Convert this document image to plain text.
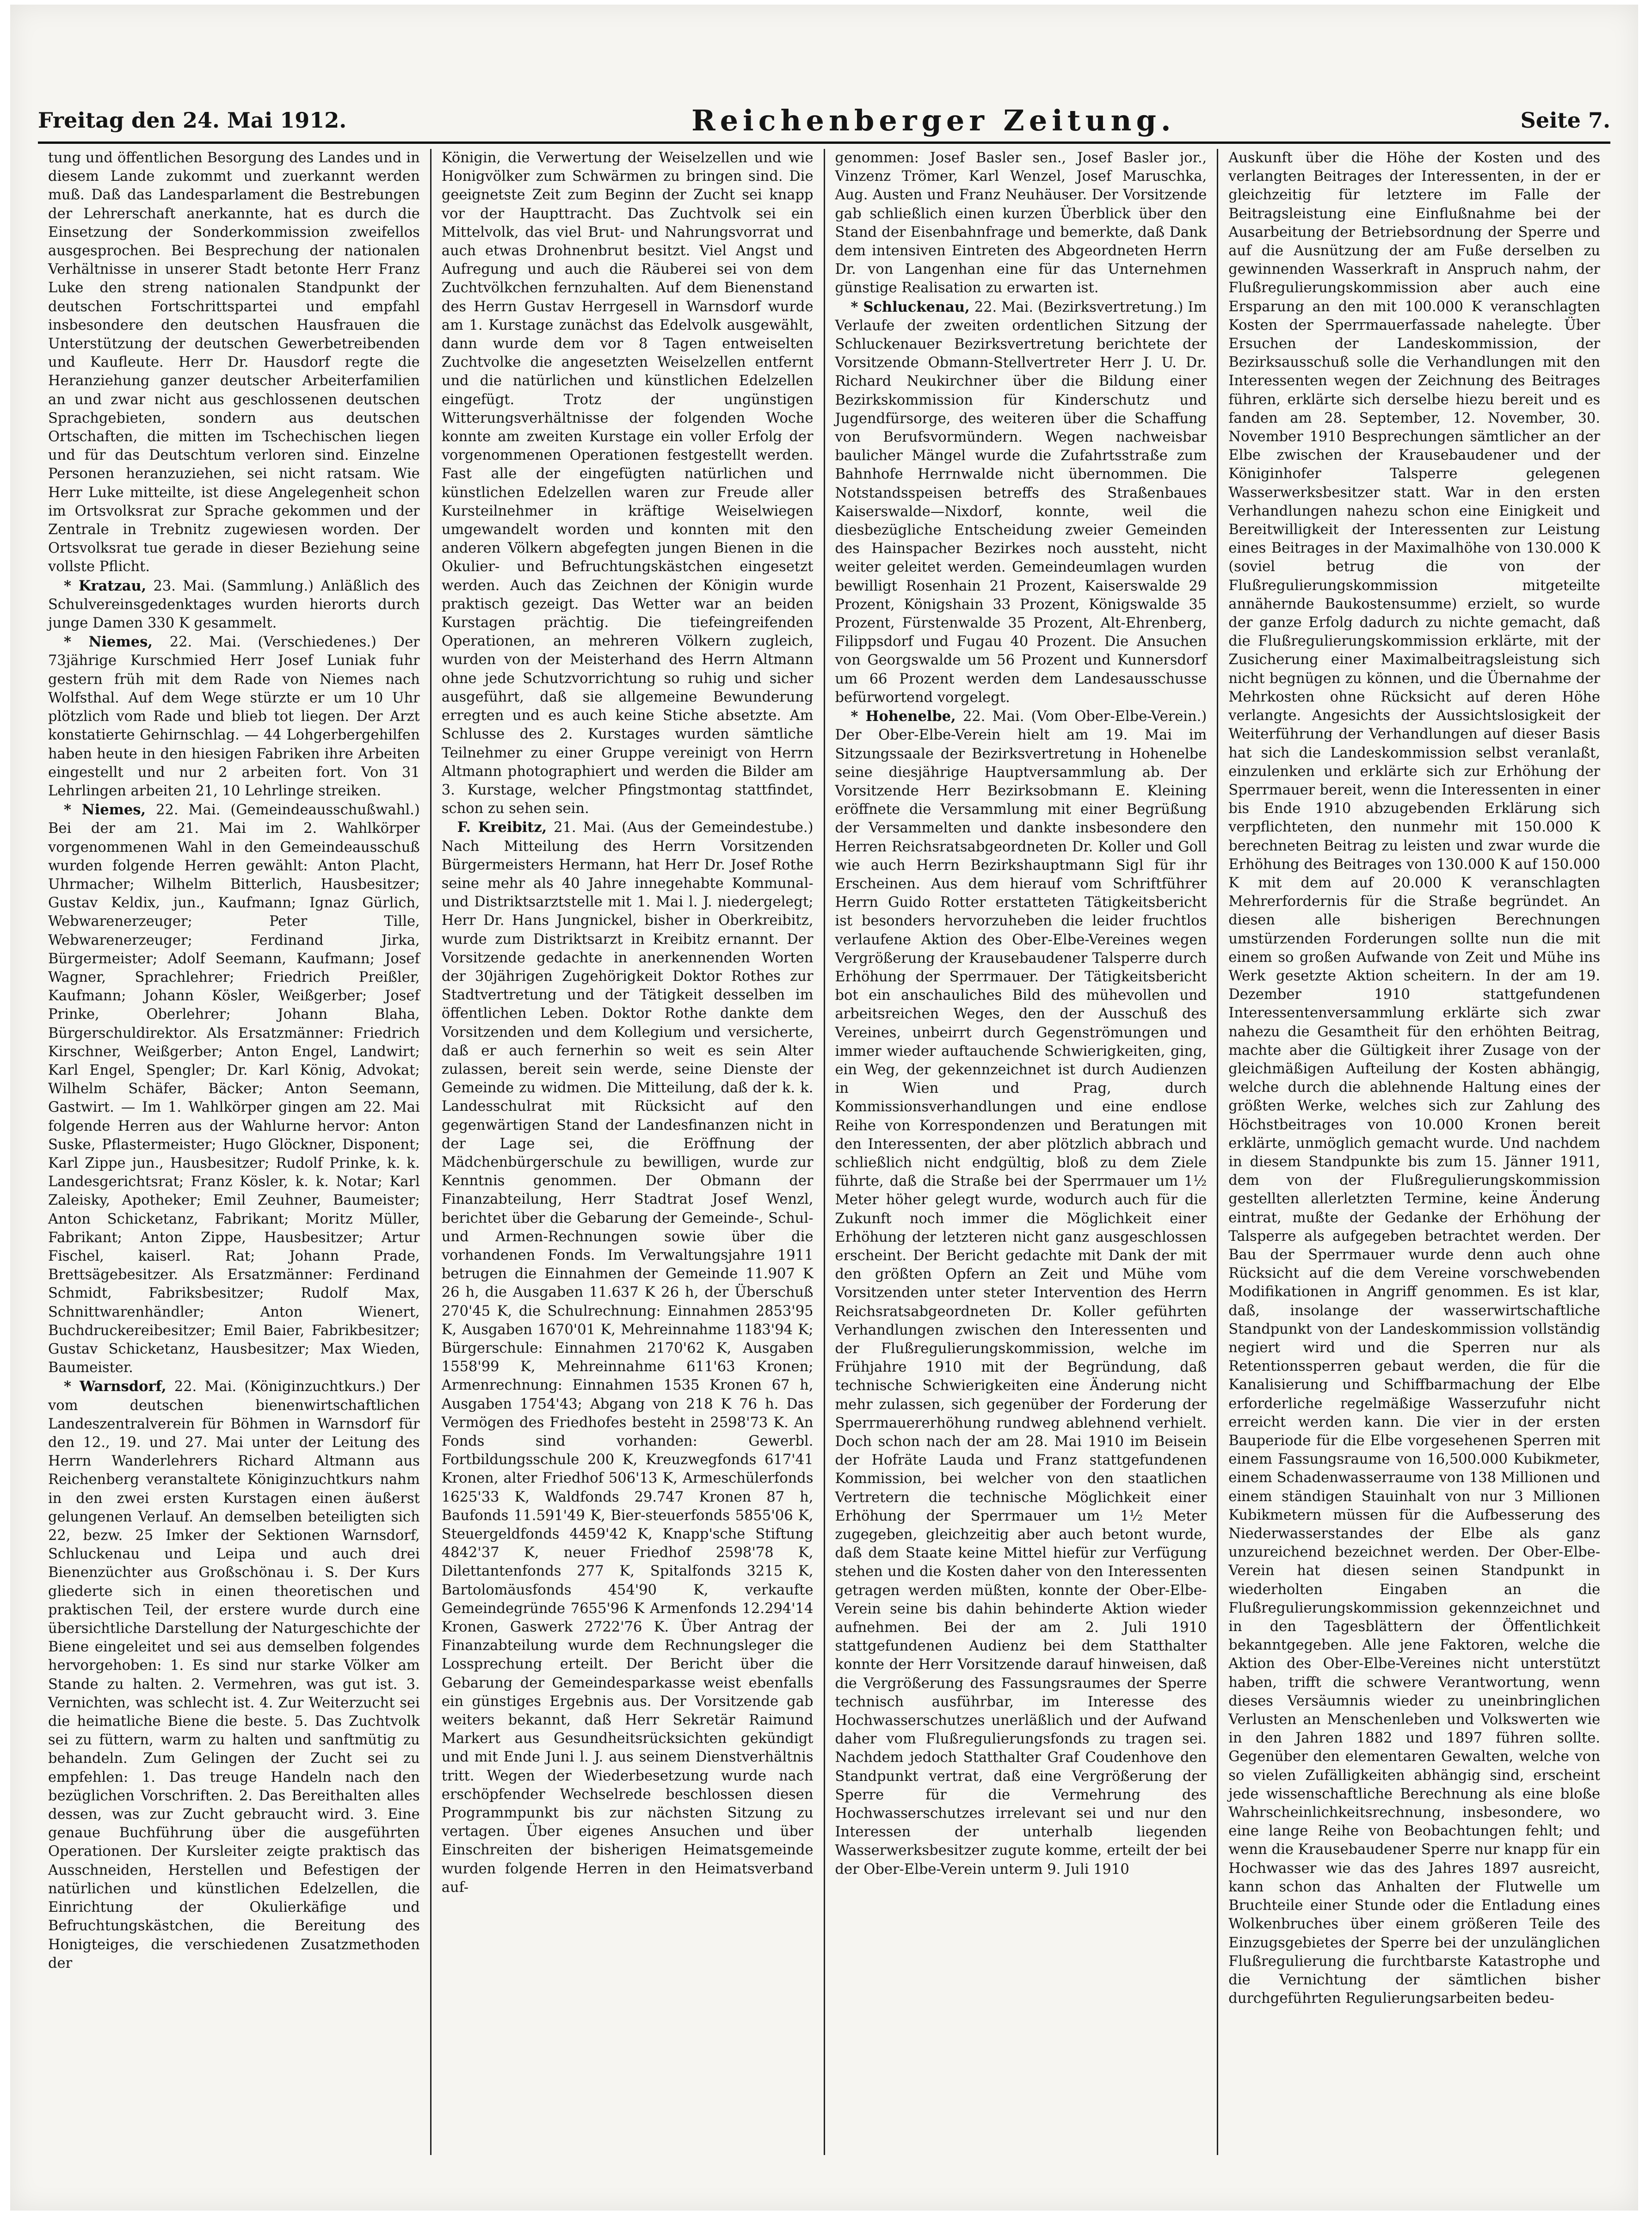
Freitag den 24. Mai 1912.	Reichenberger Zeitung.	Seite 7.

tung und öffentlichen Besorgung des Landes und in diesem Lande zukommt und zuerkannt werden muß. Daß das Landesparlament die Bestrebungen der Lehrerschaft anerkannte, hat es durch die Einsetzung der Sonderkommission zweifellos ausgesprochen. Bei Besprechung der nationalen Verhältnisse in unserer Stadt betonte Herr Franz Luke den streng nationalen Standpunkt der deutschen Fortschrittspartei und empfahl insbesondere den deutschen Hausfrauen die Unterstützung der deutschen Gewerbetreibenden und Kaufleute. Herr Dr. Hausdorf regte die Heranziehung ganzer deutscher Arbeiterfamilien an und zwar nicht aus geschlossenen deutschen Sprachgebieten, sondern aus deutschen Ortschaften, die mitten im Tschechischen liegen und für das Deutschtum verloren sind. Einzelne Personen heranzuziehen, sei nicht ratsam. Wie Herr Luke mitteilte, ist diese Angelegenheit schon im Ortsvolksrat zur Sprache gekommen und der Zentrale in Trebnitz zugewiesen worden. Der Ortsvolksrat tue gerade in dieser Beziehung seine vollste Pflicht.

* Kratzau, 23. Mai. (Sammlung.) Anläßlich des Schulvereinsgedenktages wurden hierorts durch junge Damen 330 K gesammelt.

* Niemes, 22. Mai. (Verschiedenes.) Der 73jährige Kurschmied Herr Josef Luniak fuhr gestern früh mit dem Rade von Niemes nach Wolfsthal. Auf dem Wege stürzte er um 10 Uhr plötzlich vom Rade und blieb tot liegen. Der Arzt konstatierte Gehirnschlag. — 44 Lohgerbergehilfen haben heute in den hiesigen Fabriken ihre Arbeiten eingestellt und nur 2 arbeiten fort. Von 31 Lehrlingen arbeiten 21, 10 Lehrlinge streiken.

* Niemes, 22. Mai. (Gemeindeausschußwahl.) Bei der am 21. Mai im 2. Wahlkörper vorgenommenen Wahl in den Gemeindeausschuß wurden folgende Herren gewählt: Anton Placht, Uhrmacher; Wilhelm Bitterlich, Hausbesitzer; Gustav Keldix, jun., Kaufmann; Ignaz Gürlich, Webwarenerzeuger; Peter Tille, Webwarenerzeuger; Ferdinand Jirka, Bürgermeister; Adolf Seemann, Kaufmann; Josef Wagner, Sprachlehrer; Friedrich Preißler, Kaufmann; Johann Kösler, Weißgerber; Josef Prinke, Oberlehrer; Johann Blaha, Bürgerschuldirektor. Als Ersatzmänner: Friedrich Kirschner, Weißgerber; Anton Engel, Landwirt; Karl Engel, Spengler; Dr. Karl König, Advokat; Wilhelm Schäfer, Bäcker; Anton Seemann, Gastwirt. — Im 1. Wahlkörper gingen am 22. Mai folgende Herren aus der Wahlurne hervor: Anton Suske, Pflastermeister; Hugo Glöckner, Disponent; Karl Zippe jun., Hausbesitzer; Rudolf Prinke, k. k. Landesgerichtsrat; Franz Kösler, k. k. Notar; Karl Zaleisky, Apotheker; Emil Zeuhner, Baumeister; Anton Schicketanz, Fabrikant; Moritz Müller, Fabrikant; Anton Zippe, Hausbesitzer; Artur Fischel, kaiserl. Rat; Johann Prade, Brettsägebesitzer. Als Ersatzmänner: Ferdinand Schmidt, Fabriksbesitzer; Rudolf Max, Schnittwarenhändler; Anton Wienert, Buchdruckereibesitzer; Emil Baier, Fabrikbesitzer; Gustav Schicketanz, Hausbesitzer; Max Wieden, Baumeister.

* Warnsdorf, 22. Mai. (Königinzuchtkurs.) Der vom deutschen bienenwirtschaftlichen Landeszentralverein für Böhmen in Warnsdorf für den 12., 19. und 27. Mai unter der Leitung des Herrn Wanderlehrers Richard Altmann aus Reichenberg veranstaltete Königinzuchtkurs nahm in den zwei ersten Kurstagen einen äußerst gelungenen Verlauf. An demselben beteiligten sich 22, bezw. 25 Imker der Sektionen Warnsdorf, Schluckenau und Leipa und auch drei Bienenzüchter aus Großschönau i. S. Der Kurs gliederte sich in einen theoretischen und praktischen Teil, der erstere wurde durch eine übersichtliche Darstellung der Naturgeschichte der Biene eingeleitet und sei aus demselben folgendes hervorgehoben: 1. Es sind nur starke Völker am Stande zu halten. 2. Vermehren, was gut ist. 3. Vernichten, was schlecht ist. 4. Zur Weiterzucht sei die heimatliche Biene die beste. 5. Das Zuchtvolk sei zu füttern, warm zu halten und sanftmütig zu behandeln. Zum Gelingen der Zucht sei zu empfehlen: 1. Das treuge Handeln nach den bezüglichen Vorschriften. 2. Das Bereithalten alles dessen, was zur Zucht gebraucht wird. 3. Eine genaue Buchführung über die ausgeführten Operationen. Der Kursleiter zeigte praktisch das Ausschneiden, Herstellen und Befestigen der natürlichen und künstlichen Edelzellen, die Einrichtung der Okulierkäfige und Befruchtungskästchen, die Bereitung des Honigteiges, die verschiedenen Zusatzmethoden der

Königin, die Verwertung der Weiselzellen und wie Honigvölker zum Schwärmen zu bringen sind. Die geeignetste Zeit zum Beginn der Zucht sei knapp vor der Haupttracht. Das Zuchtvolk sei ein Mittelvolk, das viel Brut- und Nahrungsvorrat und auch etwas Drohnenbrut besitzt. Viel Angst und Aufregung und auch die Räuberei sei von dem Zuchtvölkchen fernzuhalten. Auf dem Bienenstand des Herrn Gustav Herrgesell in Warnsdorf wurde am 1. Kurstage zunächst das Edelvolk ausgewählt, dann wurde dem vor 8 Tagen entweiselten Zuchtvolke die angesetzten Weiselzellen entfernt und die natürlichen und künstlichen Edelzellen eingefügt. Trotz der ungünstigen Witterungsverhältnisse der folgenden Woche konnte am zweiten Kurstage ein voller Erfolg der vorgenommenen Operationen festgestellt werden. Fast alle der eingefügten natürlichen und künstlichen Edelzellen waren zur Freude aller Kursteilnehmer in kräftige Weiselwiegen umgewandelt worden und konnten mit den anderen Völkern abgefegten jungen Bienen in die Okulier- und Befruchtungskästchen eingesetzt werden. Auch das Zeichnen der Königin wurde praktisch gezeigt. Das Wetter war an beiden Kurstagen prächtig. Die tiefeingreifenden Operationen, an mehreren Völkern zugleich, wurden von der Meisterhand des Herrn Altmann ohne jede Schutzvorrichtung so ruhig und sicher ausgeführt, daß sie allgemeine Bewunderung erregten und es auch keine Stiche absetzte. Am Schlusse des 2. Kurstages wurden sämtliche Teilnehmer zu einer Gruppe vereinigt von Herrn Altmann photographiert und werden die Bilder am 3. Kurstage, welcher Pfingstmontag stattfindet, schon zu sehen sein.

F. Kreibitz, 21. Mai. (Aus der Gemeindestube.) Nach Mitteilung des Herrn Vorsitzenden Bürgermeisters Hermann, hat Herr Dr. Josef Rothe seine mehr als 40 Jahre innegehabte Kommunal- und Distriktsarztstelle mit 1. Mai l. J. niedergelegt; Herr Dr. Hans Jungnickel, bisher in Oberkreibitz, wurde zum Distriktsarzt in Kreibitz ernannt. Der Vorsitzende gedachte in anerkennenden Worten der 30jährigen Zugehörigkeit Doktor Rothes zur Stadtvertretung und der Tätigkeit desselben im öffentlichen Leben. Doktor Rothe dankte dem Vorsitzenden und dem Kollegium und versicherte, daß er auch fernerhin so weit es sein Alter zulassen, bereit sein werde, seine Dienste der Gemeinde zu widmen. Die Mitteilung, daß der k. k. Landesschulrat mit Rücksicht auf den gegenwärtigen Stand der Landesfinanzen nicht in der Lage sei, die Eröffnung der Mädchenbürgerschule zu bewilligen, wurde zur Kenntnis genommen. Der Obmann der Finanzabteilung, Herr Stadtrat Josef Wenzl, berichtet über die Gebarung der Gemeinde-, Schul- und Armen-Rechnungen sowie über die vorhandenen Fonds. Im Verwaltungsjahre 1911 betrugen die Einnahmen der Gemeinde 11.907 K 26 h, die Ausgaben 11.637 K 26 h, der Überschuß 270'45 K, die Schulrechnung: Einnahmen 2853'95 K, Ausgaben 1670'01 K, Mehreinnahme 1183'94 K; Bürgerschule: Einnahmen 2170'62 K, Ausgaben 1558'99 K, Mehreinnahme 611'63 Kronen; Armenrechnung: Einnahmen 1535 Kronen 67 h, Ausgaben 1754'43; Abgang von 218 K 76 h. Das Vermögen des Friedhofes besteht in 2598'73 K. An Fonds sind vorhanden: Gewerbl. Fortbildungsschule 200 K, Kreuzwegfonds 617'41 Kronen, alter Friedhof 506'13 K, Armeschülerfonds 1625'33 K, Waldfonds 29.747 Kronen 87 h, Baufonds 11.591'49 K, Bier-steuerfonds 5855'06 K, Steuergeldfonds 4459'42 K, Knapp'sche Stiftung 4842'37 K, neuer Friedhof 2598'78 K, Dilettantenfonds 277 K, Spitalfonds 3215 K, Bartolomäusfonds 454'90 K, verkaufte Gemeindegründe 7655'96 K Armenfonds 12.294'14 Kronen, Gaswerk 2722'76 K. Über Antrag der Finanzabteilung wurde dem Rechnungsleger die Lossprechung erteilt. Der Bericht über die Gebarung der Gemeindesparkasse weist ebenfalls ein günstiges Ergebnis aus. Der Vorsitzende gab weiters bekannt, daß Herr Sekretär Raimund Markert aus Gesundheitsrücksichten gekündigt und mit Ende Juni l. J. aus seinem Dienstverhältnis tritt. Wegen der Wiederbesetzung wurde nach erschöpfender Wechselrede beschlossen diesen Programmpunkt bis zur nächsten Sitzung zu vertagen. Über eigenes Ansuchen und über Einschreiten der bisherigen Heimatsgemeinde wurden folgende Herren in den Heimatsverband auf-

genommen: Josef Basler sen., Josef Basler jor., Vinzenz Trömer, Karl Wenzel, Josef Maruschka, Aug. Austen und Franz Neuhäuser. Der Vorsitzende gab schließlich einen kurzen Überblick über den Stand der Eisenbahnfrage und bemerkte, daß Dank dem intensiven Eintreten des Abgeordneten Herrn Dr. von Langenhan eine für das Unternehmen günstige Realisation zu erwarten ist.

* Schluckenau, 22. Mai. (Bezirksvertretung.) Im Verlaufe der zweiten ordentlichen Sitzung der Schluckenauer Bezirksvertretung berichtete der Vorsitzende Obmann-Stellvertreter Herr J. U. Dr. Richard Neukirchner über die Bildung einer Bezirkskommission für Kinderschutz und Jugendfürsorge, des weiteren über die Schaffung von Berufsvormündern. Wegen nachweisbar baulicher Mängel wurde die Zufahrtsstraße zum Bahnhofe Herrnwalde nicht übernommen. Die Notstandsspeisen betreffs des Straßenbaues Kaiserswalde—Nixdorf, konnte, weil die diesbezügliche Entscheidung zweier Gemeinden des Hainspacher Bezirkes noch aussteht, nicht weiter geleitet werden. Gemeindeumlagen wurden bewilligt Rosenhain 21 Prozent, Kaiserswalde 29 Prozent, Königshain 33 Prozent, Königswalde 35 Prozent, Fürstenwalde 35 Prozent, Alt-Ehrenberg, Filippsdorf und Fugau 40 Prozent. Die Ansuchen von Georgswalde um 56 Prozent und Kunnersdorf um 66 Prozent werden dem Landesausschusse befürwortend vorgelegt.

* Hohenelbe, 22. Mai. (Vom Ober-Elbe-Verein.) Der Ober-Elbe-Verein hielt am 19. Mai im Sitzungssaale der Bezirksvertretung in Hohenelbe seine diesjährige Hauptversammlung ab. Der Vorsitzende Herr Bezirksobmann E. Kleining eröffnete die Versammlung mit einer Begrüßung der Versammelten und dankte insbesondere den Herren Reichsratsabgeordneten Dr. Koller und Goll wie auch Herrn Bezirkshauptmann Sigl für ihr Erscheinen. Aus dem hierauf vom Schriftführer Herrn Guido Rotter erstatteten Tätigkeitsbericht ist besonders hervorzuheben die leider fruchtlos verlaufene Aktion des Ober-Elbe-Vereines wegen Vergrößerung der Krausebaudener Talsperre durch Erhöhung der Sperrmauer. Der Tätigkeitsbericht bot ein anschauliches Bild des mühevollen und arbeitsreichen Weges, den der Ausschuß des Vereines, unbeirrt durch Gegenströmungen und immer wieder auftauchende Schwierigkeiten, ging, ein Weg, der gekennzeichnet ist durch Audienzen in Wien und Prag, durch Kommissionsverhandlungen und eine endlose Reihe von Korrespondenzen und Beratungen mit den Interessenten, der aber plötzlich abbrach und schließlich nicht endgültig, bloß zu dem Ziele führte, daß die Straße bei der Sperrmauer um 1½ Meter höher gelegt wurde, wodurch auch für die Zukunft noch immer die Möglichkeit einer Erhöhung der letzteren nicht ganz ausgeschlossen erscheint. Der Bericht gedachte mit Dank der mit den größten Opfern an Zeit und Mühe vom Vorsitzenden unter steter Intervention des Herrn Reichsratsabgeordneten Dr. Koller geführten Verhandlungen zwischen den Interessenten und der Flußregulierungskommission, welche im Frühjahre 1910 mit der Begründung, daß technische Schwierigkeiten eine Änderung nicht mehr zulassen, sich gegenüber der Forderung der Sperrmauererhöhung rundweg ablehnend verhielt. Doch schon nach der am 28. Mai 1910 im Beisein der Hofräte Lauda und Franz stattgefundenen Kommission, bei welcher von den staatlichen Vertretern die technische Möglichkeit einer Erhöhung der Sperrmauer um 1½ Meter zugegeben, gleichzeitig aber auch betont wurde, daß dem Staate keine Mittel hiefür zur Verfügung stehen und die Kosten daher von den Interessenten getragen werden müßten, konnte der Ober-Elbe-Verein seine bis dahin behinderte Aktion wieder aufnehmen. Bei der am 2. Juli 1910 stattgefundenen Audienz bei dem Statthalter konnte der Herr Vorsitzende darauf hinweisen, daß die Vergrößerung des Fassungsraumes der Sperre technisch ausführbar, im Interesse des Hochwasserschutzes unerläßlich und der Aufwand daher vom Flußregulierungsfonds zu tragen sei. Nachdem jedoch Statthalter Graf Coudenhove den Standpunkt vertrat, daß eine Vergrößerung der Sperre für die Vermehrung des Hochwasserschutzes irrelevant sei und nur den Interessen der unterhalb liegenden Wasserwerksbesitzer zugute komme, erteilt der bei der Ober-Elbe-Verein unterm 9. Juli 1910

Auskunft über die Höhe der Kosten und des verlangten Beitrages der Interessenten, in der er gleichzeitig für letztere im Falle der Beitragsleistung eine Einflußnahme bei der Ausarbeitung der Betriebsordnung der Sperre und auf die Ausnützung der am Fuße derselben zu gewinnenden Wasserkraft in Anspruch nahm, der Flußregulierungskommission aber auch eine Ersparung an den mit 100.000 K veranschlagten Kosten der Sperrmauerfassade nahelegte. Über Ersuchen der Landeskommission, der Bezirksausschuß solle die Verhandlungen mit den Interessenten wegen der Zeichnung des Beitrages führen, erklärte sich derselbe hiezu bereit und es fanden am 28. September, 12. November, 30. November 1910 Besprechungen sämtlicher an der Elbe zwischen der Krausebaudener und der Königinhofer Talsperre gelegenen Wasserwerksbesitzer statt. War in den ersten Verhandlungen nahezu schon eine Einigkeit und Bereitwilligkeit der Interessenten zur Leistung eines Beitrages in der Maximalhöhe von 130.000 K (soviel betrug die von der Flußregulierungskommission mitgeteilte annähernde Baukostensumme) erzielt, so wurde der ganze Erfolg dadurch zu nichte gemacht, daß die Flußregulierungskommission erklärte, mit der Zusicherung einer Maximalbeitragsleistung sich nicht begnügen zu können, und die Übernahme der Mehrkosten ohne Rücksicht auf deren Höhe verlangte. Angesichts der Aussichtslosigkeit der Weiterführung der Verhandlungen auf dieser Basis hat sich die Landeskommission selbst veranlaßt, einzulenken und erklärte sich zur Erhöhung der Sperrmauer bereit, wenn die Interessenten in einer bis Ende 1910 abzugebenden Erklärung sich verpflichteten, den nunmehr mit 150.000 K berechneten Beitrag zu leisten und zwar wurde die Erhöhung des Beitrages von 130.000 K auf 150.000 K mit dem auf 20.000 K veranschlagten Mehrerfordernis für die Straße begründet. An diesen alle bisherigen Berechnungen umstürzenden Forderungen sollte nun die mit einem so großen Aufwande von Zeit und Mühe ins Werk gesetzte Aktion scheitern. In der am 19. Dezember 1910 stattgefundenen Interessentenversammlung erklärte sich zwar nahezu die Gesamtheit für den erhöhten Beitrag, machte aber die Gültigkeit ihrer Zusage von der gleichmäßigen Aufteilung der Kosten abhängig, welche durch die ablehnende Haltung eines der größten Werke, welches sich zur Zahlung des Höchstbeitrages von 10.000 Kronen bereit erklärte, unmöglich gemacht wurde. Und nachdem in diesem Standpunkte bis zum 15. Jänner 1911, dem von der Flußregulierungskommission gestellten allerletzten Termine, keine Änderung eintrat, mußte der Gedanke der Erhöhung der Talsperre als aufgegeben betrachtet werden. Der Bau der Sperrmauer wurde denn auch ohne Rücksicht auf die dem Vereine vorschwebenden Modifikationen in Angriff genommen. Es ist klar, daß, insolange der wasserwirtschaftliche Standpunkt von der Landeskommission vollständig negiert wird und die Sperren nur als Retentionssperren gebaut werden, die für die Kanalisierung und Schiffbarmachung der Elbe erforderliche regelmäßige Wasserzufuhr nicht erreicht werden kann. Die vier in der ersten Bauperiode für die Elbe vorgesehenen Sperren mit einem Fassungsraume von 16,500.000 Kubikmeter, einem Schadenwasserraume von 138 Millionen und einem ständigen Stauinhalt von nur 3 Millionen Kubikmetern müssen für die Aufbesserung des Niederwasserstandes der Elbe als ganz unzureichend bezeichnet werden. Der Ober-Elbe-Verein hat diesen seinen Standpunkt in wiederholten Eingaben an die Flußregulierungskommission gekennzeichnet und in den Tagesblättern der Öffentlichkeit bekanntgegeben. Alle jene Faktoren, welche die Aktion des Ober-Elbe-Vereines nicht unterstützt haben, trifft die schwere Verantwortung, wenn dieses Versäumnis wieder zu uneinbringlichen Verlusten an Menschenleben und Volkswerten wie in den Jahren 1882 und 1897 führen sollte. Gegenüber den elementaren Gewalten, welche von so vielen Zufälligkeiten abhängig sind, erscheint jede wissenschaftliche Berechnung als eine bloße Wahrscheinlichkeitsrechnung, insbesondere, wo eine lange Reihe von Beobachtungen fehlt; und wenn die Krausebaudener Sperre nur knapp für ein Hochwasser wie das des Jahres 1897 ausreicht, kann schon das Anhalten der Flutwelle um Bruchteile einer Stunde oder die Entladung eines Wolkenbruches über einem größeren Teile des Einzugsgebietes der Sperre bei der unzulänglichen Flußregulierung die furchtbarste Katastrophe und die Vernichtung der sämtlichen bisher durchgeführten Regulierungsarbeiten bedeu-
